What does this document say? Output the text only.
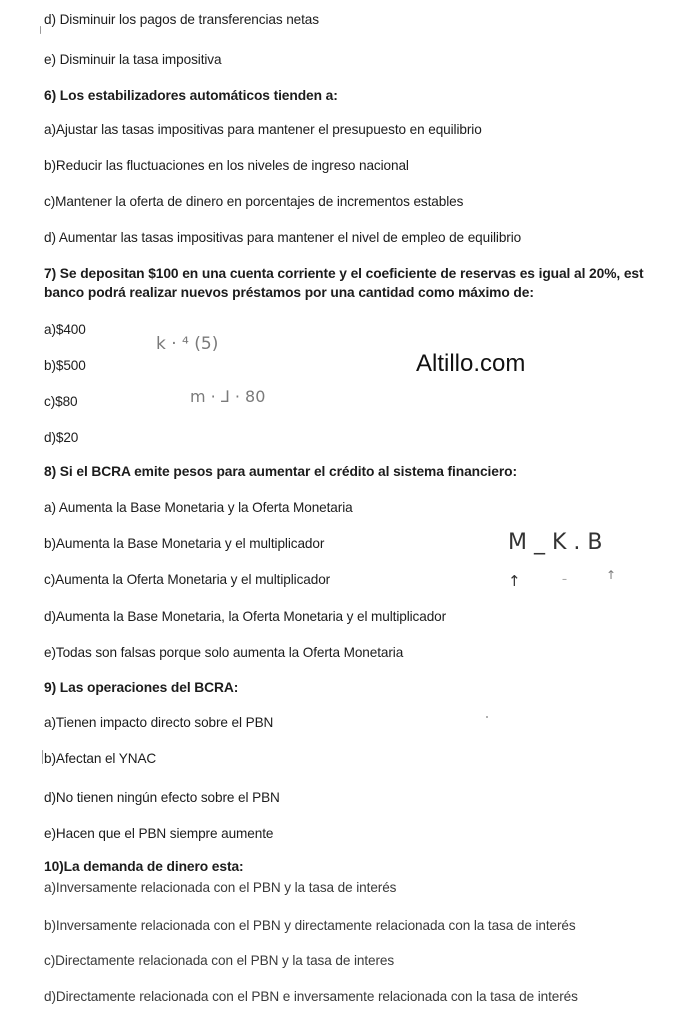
d) Disminuir los pagos de transferencias netas
e) Disminuir la tasa impositiva
6) Los estabilizadores automáticos tienden a:
a)Ajustar las tasas impositivas para mantener el presupuesto en equilibrio
b)Reducir las fluctuaciones en los niveles de ingreso nacional
c)Mantener la oferta de dinero en porcentajes de incrementos estables
d) Aumentar las tasas impositivas para mantener el nivel de empleo de equilibrio
7) Se depositan $100 en una cuenta corriente y el coeficiente de reservas es igual al 20%, est
banco podrá realizar nuevos préstamos por una cantidad como máximo de:
a)$400
b)$500
c)$80
d)$20
8) Si el BCRA emite pesos para aumentar el crédito al sistema financiero:
a) Aumenta la Base Monetaria y la Oferta Monetaria
b)Aumenta la Base Monetaria y el multiplicador
c)Aumenta la Oferta Monetaria y el multiplicador
d)Aumenta la Base Monetaria, la Oferta Monetaria y el multiplicador
e)Todas son falsas porque solo aumenta la Oferta Monetaria
9) Las operaciones del BCRA:
a)Tienen impacto directo sobre el PBN
b)Afectan el YNAC
d)No tienen ningún efecto sobre el PBN
e)Hacen que el PBN siempre aumente
10)La demanda de dinero esta:
a)Inversamente relacionada con el PBN y la tasa de interés
b)Inversamente relacionada con el PBN y directamente relacionada con la tasa de interés
c)Directamente relacionada con el PBN y la tasa de interes
d)Directamente relacionada con el PBN e inversamente relacionada con la tasa de interés
Altillo.com
k · ⁴ (5)
m · ⅃ · 80
M _ K . B
↑	–	↑
